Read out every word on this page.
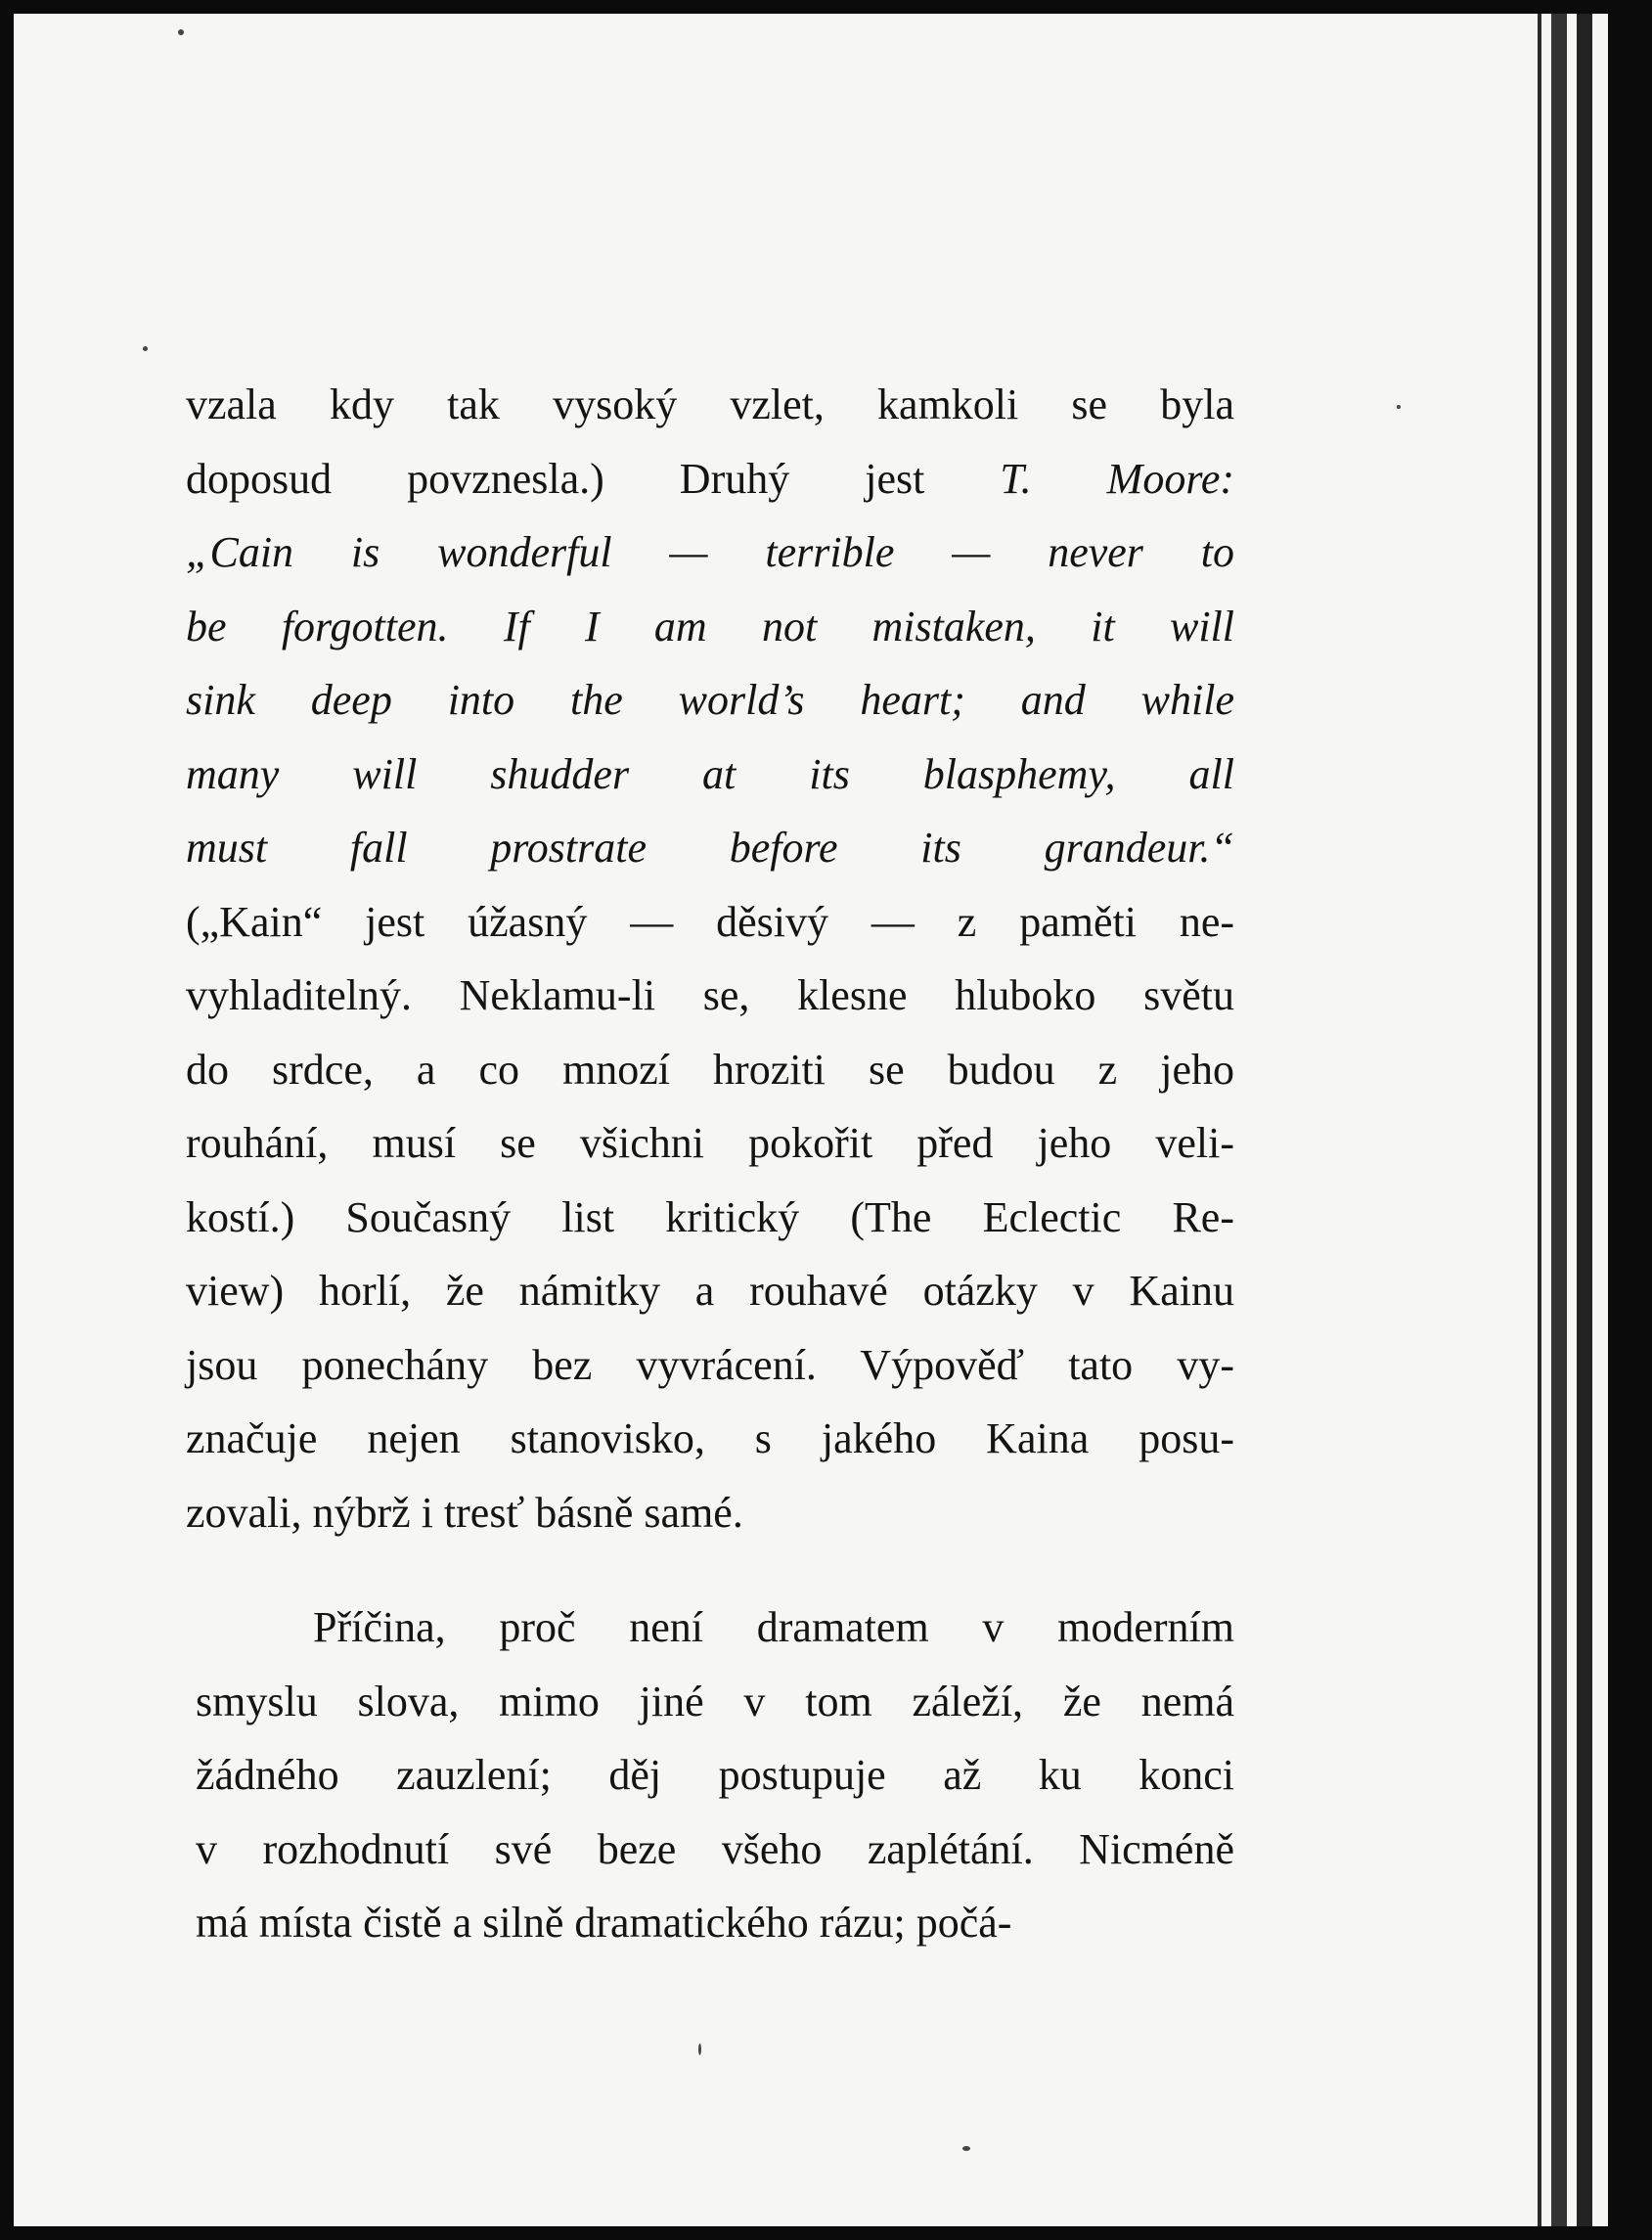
vzala kdy tak vysoký vzlet, kamkoli se byla
doposud povznesla.) Druhý jest T. Moore:
„Cain is wonderful — terrible — never to
be forgotten. If I am not mistaken, it will
sink deep into the world’s heart; and while
many will shudder at its blasphemy, all
must fall prostrate before its grandeur.“
(„Kain“ jest úžasný — děsivý — z paměti ne-
vyhladitelný. Neklamu-li se, klesne hluboko světu
do srdce, a co mnozí hroziti se budou z jeho
rouhání, musí se všichni pokořit před jeho veli-
kostí.) Současný list kritický (The Eclectic Re-
view) horlí, že námitky a rouhavé otázky v Kainu
jsou ponechány bez vyvrácení. Výpověď tato vy-
značuje nejen stanovisko, s jakého Kaina posu-
zovali, nýbrž i tresť básně samé.
Příčina, proč není dramatem v moderním
smyslu slova, mimo jiné v tom záleží, že nemá
žádného zauzlení; děj postupuje až ku konci
v rozhodnutí své beze všeho zaplétání. Nicméně
má místa čistě a silně dramatického rázu; počá-
